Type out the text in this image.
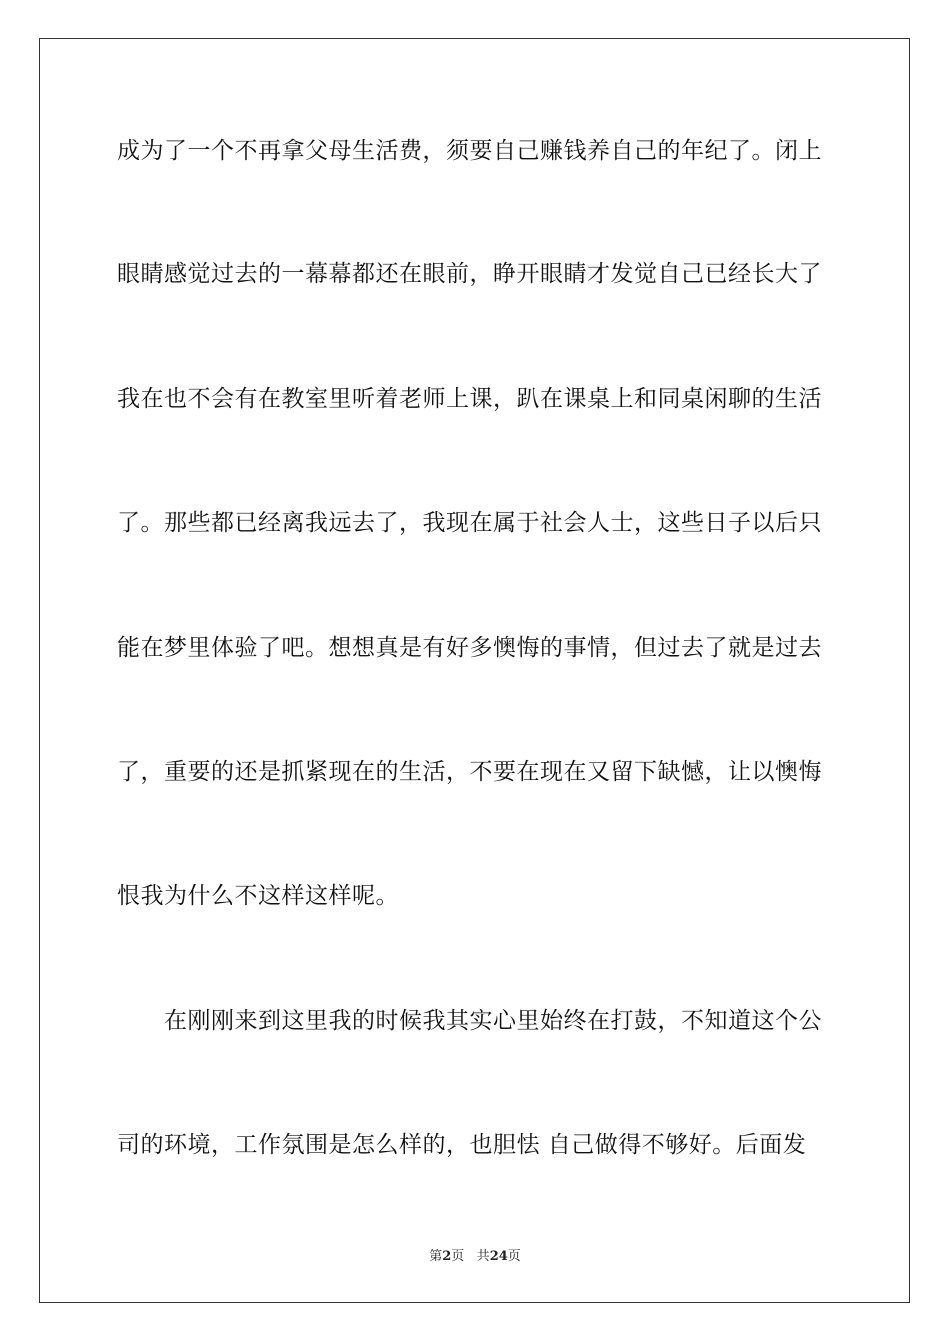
成为了一个不再拿父母生活费，须要自己赚钱养自己的年纪了。闭上
眼睛感觉过去的一幕幕都还在眼前，睁开眼睛才发觉自己已经长大了
我在也不会有在教室里听着老师上课，趴在课桌上和同桌闲聊的生活
了。那些都已经离我远去了，我现在属于社会人士，这些日子以后只
能在梦里体验了吧。想想真是有好多懊悔的事情，但过去了就是过去
了，重要的还是抓紧现在的生活，不要在现在又留下缺憾，让以懊悔
恨我为什么不这样这样呢。
在刚刚来到这里我的时候我其实心里始终在打鼓，不知道这个公
司的环境，工作氛围是怎么样的，也胆怯 自己做得不够好。后面发
第2页 共24页
